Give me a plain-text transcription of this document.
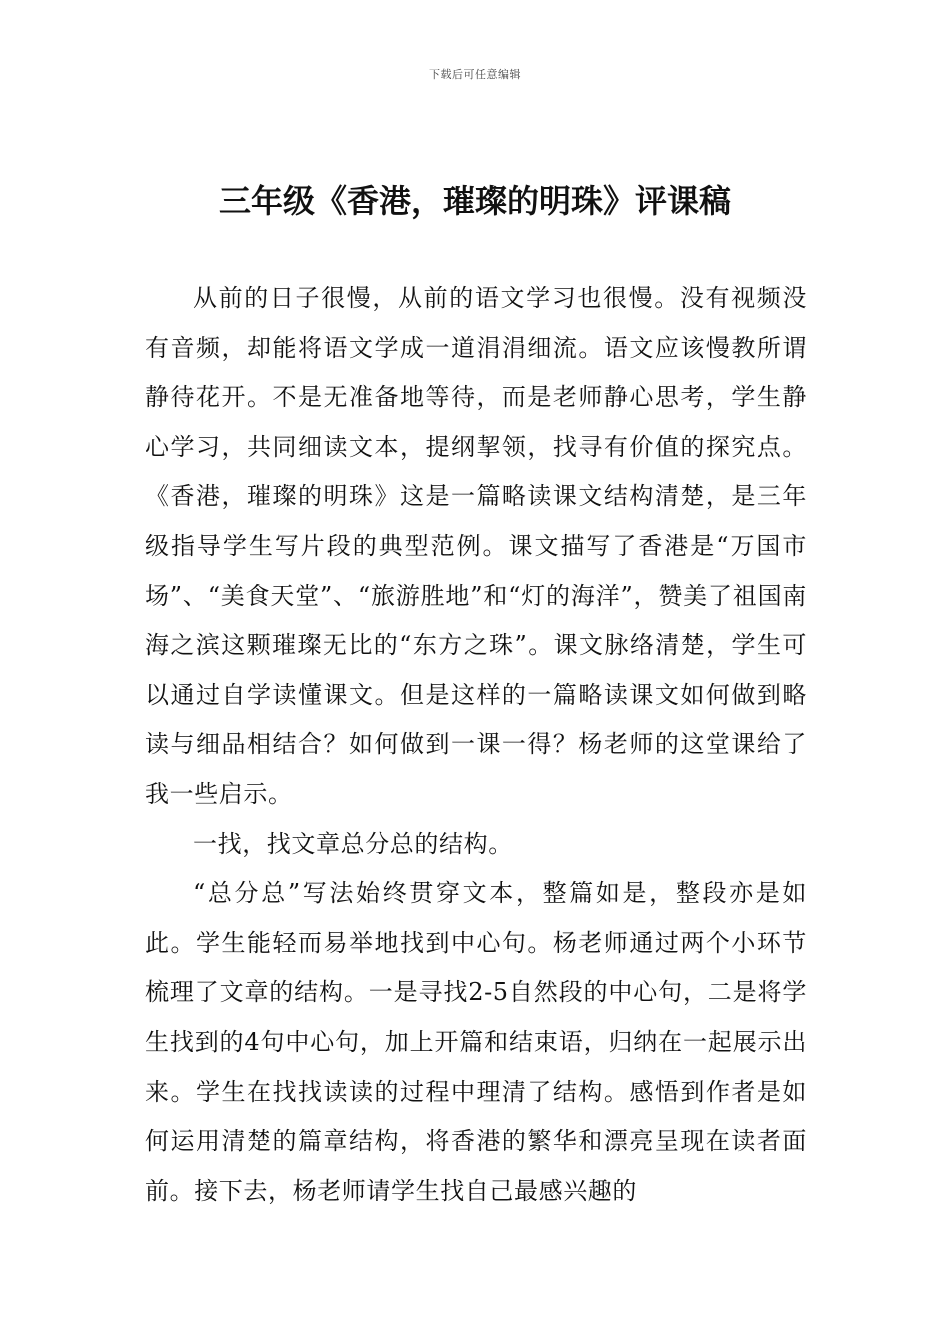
下载后可任意编辑
三年级《香港，璀璨的明珠》评课稿

从前的日子很慢，从前的语文学习也很慢。没有视频没有音频，却能将语文学成一道涓涓细流。语文应该慢教所谓静待花开。不是无准备地等待，而是老师静心思考，学生静心学习，共同细读文本，提纲挈领，找寻有价值的探究点。《香港，璀璨的明珠》这是一篇略读课文结构清楚，是三年级指导学生写片段的典型范例。课文描写了香港是“万国市场”、“美食天堂”、“旅游胜地”和“灯的海洋”，赞美了祖国南海之滨这颗璀璨无比的“东方之珠”。课文脉络清楚，学生可以通过自学读懂课文。但是这样的一篇略读课文如何做到略读与细品相结合？如何做到一课一得？杨老师的这堂课给了我一些启示。

一找，找文章总分总的结构。

“总分总”写法始终贯穿文本，整篇如是，整段亦是如此。学生能轻而易举地找到中心句。杨老师通过两个小环节梳理了文章的结构。一是寻找2-5自然段的中心句，二是将学生找到的4句中心句，加上开篇和结束语，归纳在一起展示出来。学生在找找读读的过程中理清了结构。感悟到作者是如何运用清楚的篇章结构，将香港的繁华和漂亮呈现在读者面前。接下去，杨老师请学生找自己最感兴趣的
